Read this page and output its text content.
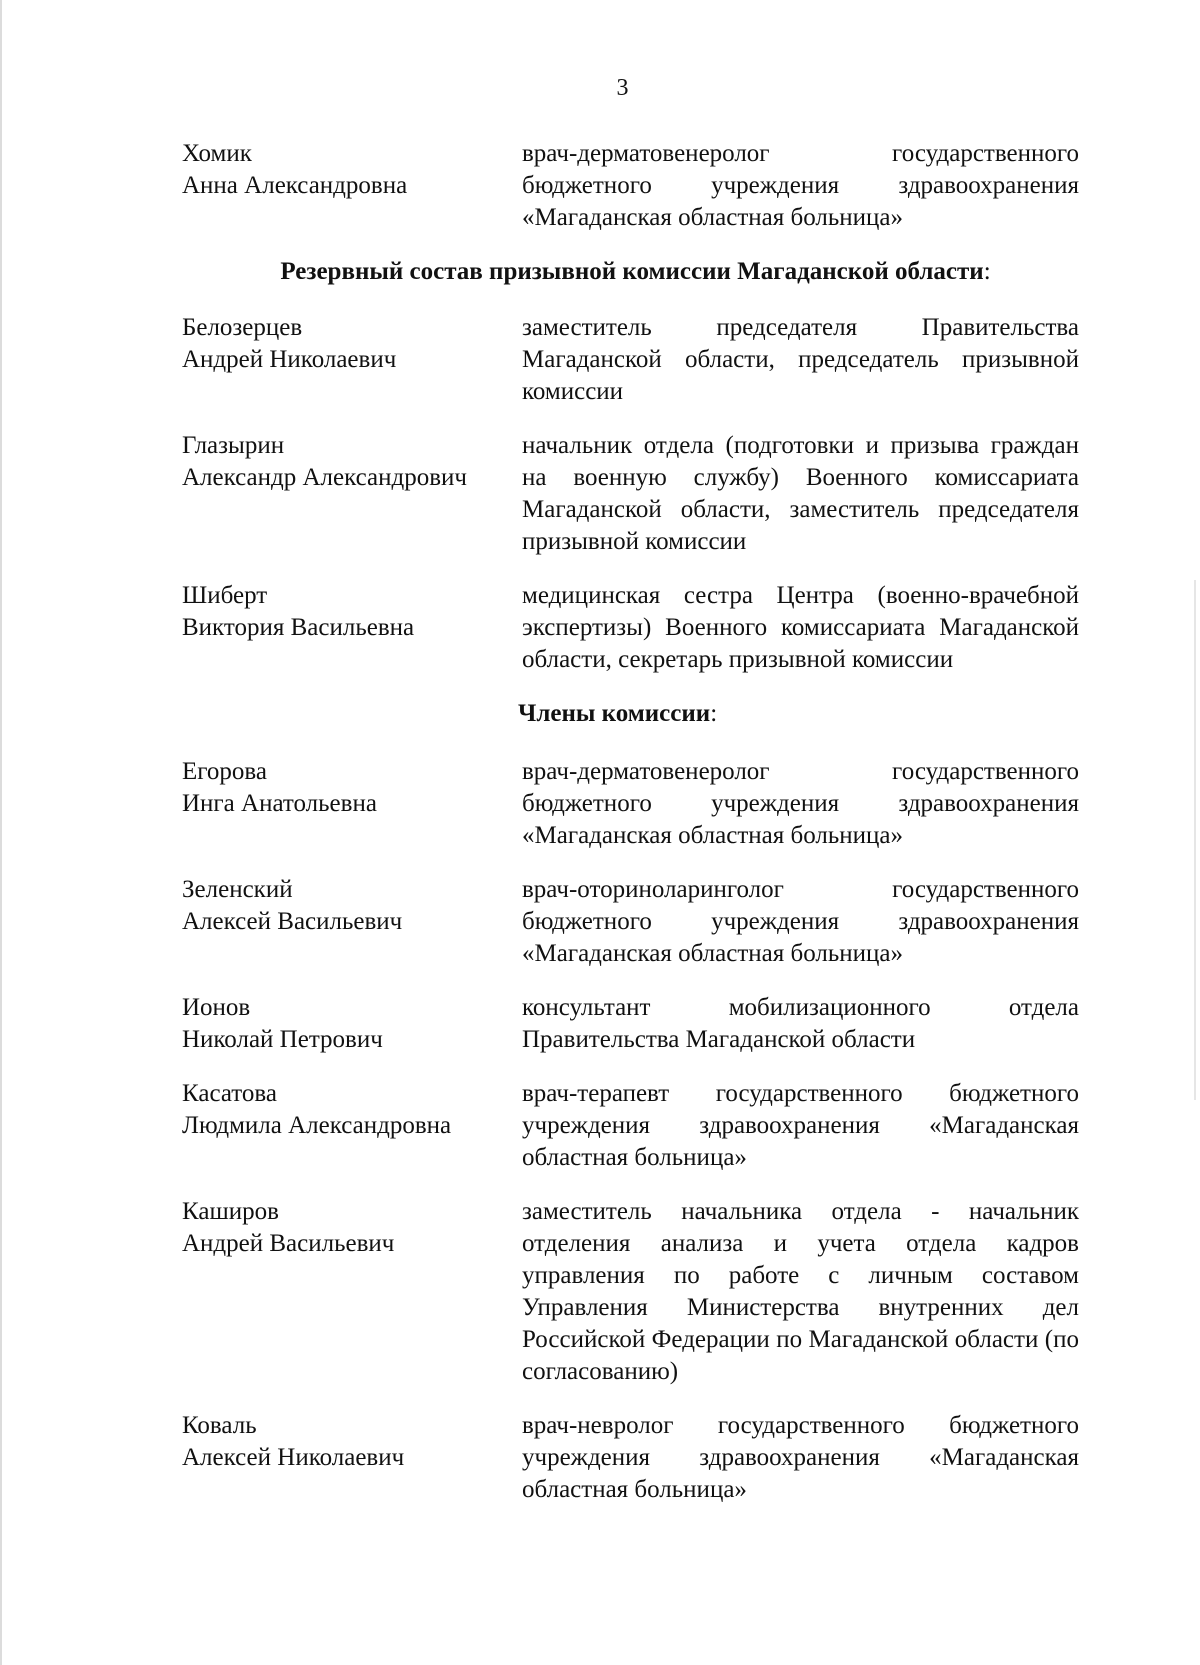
3
Хомик
Анна Александровна
врач-дерматовенеролог государственного бюджетного учреждения здравоохранения «Магаданская областная больница»
Резервный состав призывной комиссии Магаданской области:
Белозерцев
Андрей Николаевич
заместитель председателя Правительства Магаданской области, председатель призывной комиссии
Глазырин
Александр Александрович
начальник отдела (подготовки и призыва граждан на военную службу) Военного комиссариата Магаданской области, заместитель председателя призывной комиссии
Шиберт
Виктория Васильевна
медицинская сестра Центра (военно-врачебной экспертизы) Военного комиссариата Магаданской области, секретарь призывной комиссии
Члены комиссии:
Егорова
Инга Анатольевна
врач-дерматовенеролог государственного бюджетного учреждения здравоохранения «Магаданская областная больница»
Зеленский
Алексей Васильевич
врач-оториноларинголог государственного бюджетного учреждения здравоохранения «Магаданская областная больница»
Ионов
Николай Петрович
консультант мобилизационного отдела Правительства Магаданской области
Касатова
Людмила Александровна
врач-терапевт государственного бюджетного учреждения здравоохранения «Магаданская областная больница»
Каширов
Андрей Васильевич
заместитель начальника отдела - начальник отделения анализа и учета отдела кадров управления по работе с личным составом Управления Министерства внутренних дел Российской Федерации по Магаданской области (по согласованию)
Коваль
Алексей Николаевич
врач-невролог государственного бюджетного учреждения здравоохранения «Магаданская областная больница»
